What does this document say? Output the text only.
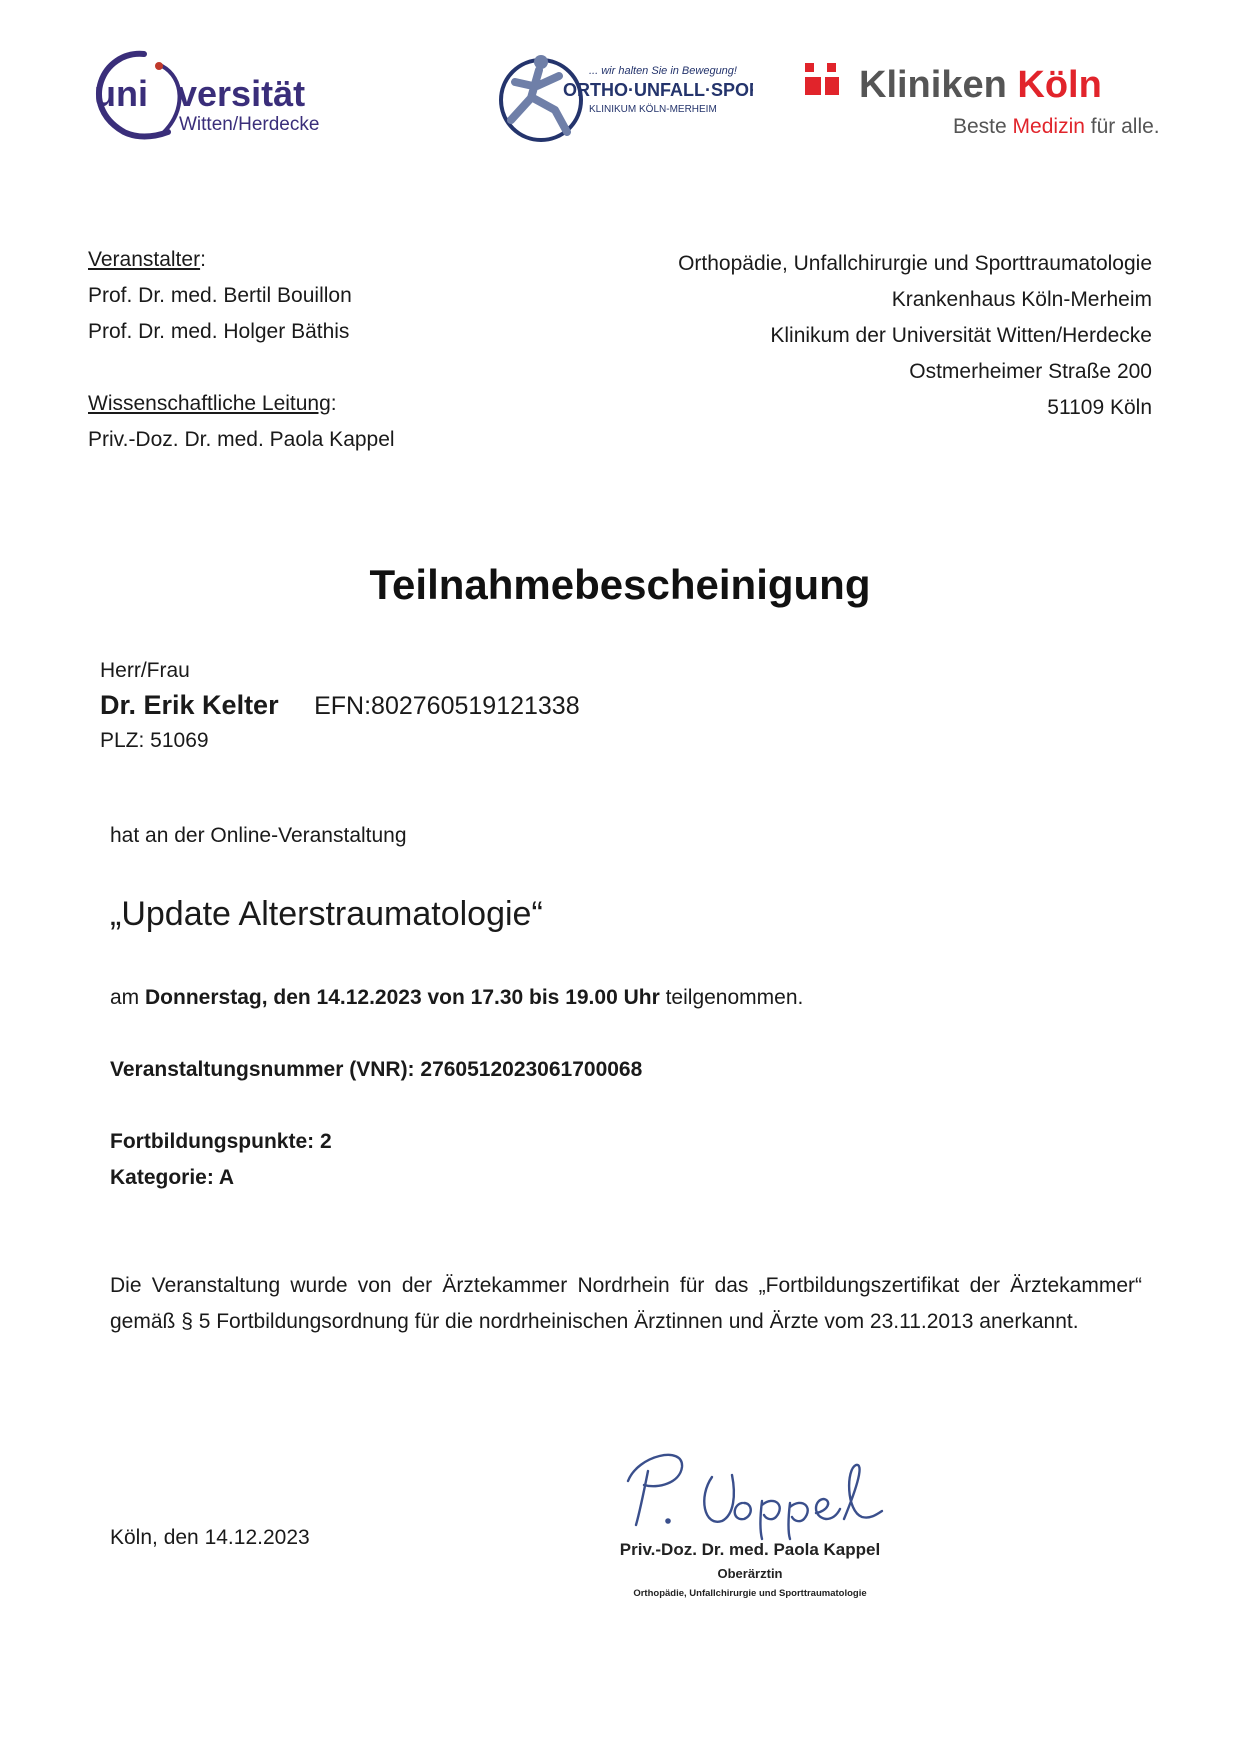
uni versität
Witten/Herdecke
... wir halten Sie in Bewegung!
ORTHO·UNFALL·SPORT
KLINIKUM KÖLN-MERHEIM
Kliniken Köln
Beste Medizin für alle.
Veranstalter:
Prof. Dr. med. Bertil Bouillon
Prof. Dr. med. Holger Bäthis
Wissenschaftliche Leitung:
Priv.-Doz. Dr. med. Paola Kappel
Orthopädie, Unfallchirurgie und Sporttraumatologie
Krankenhaus Köln-Merheim
Klinikum der Universität Witten/Herdecke
Ostmerheimer Straße 200
51109 Köln
Teilnahmebescheinigung
Herr/Frau
Dr. Erik Kelter EFN:802760519121338
PLZ: 51069
hat an der Online-Veranstaltung
„Update Alterstraumatologie“
am Donnerstag, den 14.12.2023 von 17.30 bis 19.00 Uhr teilgenommen.
Veranstaltungsnummer (VNR): 2760512023061700068
Fortbildungspunkte: 2
Kategorie: A
Die Veranstaltung wurde von der Ärztekammer Nordrhein für das „Fortbildungszertifikat der Ärztekammer“ gemäß § 5 Fortbildungsordnung für die nordrheinischen Ärztinnen und Ärzte vom 23.11.2013 anerkannt.
Köln, den 14.12.2023
Priv.-Doz. Dr. med. Paola Kappel
Oberärztin
Orthopädie, Unfallchirurgie und Sporttraumatologie
